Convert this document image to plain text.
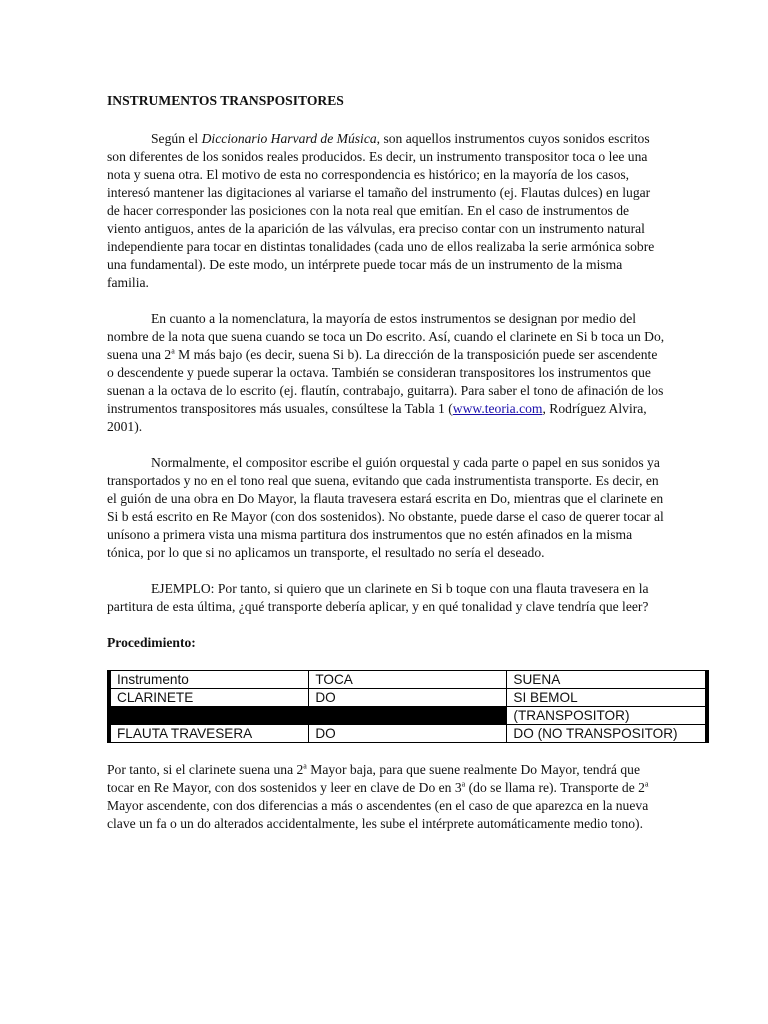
INSTRUMENTOS TRANSPOSITORES

Según el Diccionario Harvard de Música, son aquellos instrumentos cuyos sonidos escritos son diferentes de los sonidos reales producidos. Es decir, un instrumento transpositor toca o lee una nota y suena otra. El motivo de esta no correspondencia es histórico; en la mayoría de los casos, interesó mantener las digitaciones al variarse el tamaño del instrumento (ej. Flautas dulces) en lugar de hacer corresponder las posiciones con la nota real que emitían. En el caso de instrumentos de viento antiguos, antes de la aparición de las válvulas, era preciso contar con un instrumento natural independiente para tocar en distintas tonalidades (cada uno de ellos realizaba la serie armónica sobre una fundamental). De este modo, un intérprete puede tocar más de un instrumento de la misma familia.

En cuanto a la nomenclatura, la mayoría de estos instrumentos se designan por medio del nombre de la nota que suena cuando se toca un Do escrito. Así, cuando el clarinete en Si b toca un Do, suena una 2$^a$ M más bajo (es decir, suena Si b). La dirección de la transposición puede ser ascendente o descendente y puede superar la octava. También se consideran transpositores los instrumentos que suenan a la octava de lo escrito (ej. flautín, contrabajo, guitarra). Para saber el tono de afinación de los instrumentos transpositores más usuales, consúltese la Tabla 1 (www.teoria.com, Rodríguez Alvira, 2001).

Normalmente, el compositor escribe el guión orquestal y cada parte o papel en sus sonidos ya transportados y no en el tono real que suena, evitando que cada instrumentista transporte. Es decir, en el guión de una obra en Do Mayor, la flauta travesera estará escrita en Do, mientras que el clarinete en Si b está escrito en Re Mayor (con dos sostenidos). No obstante, puede darse el caso de querer tocar al unísono a primera vista una misma partitura dos instrumentos que no estén afinados en la misma tónica, por lo que si no aplicamos un transporte, el resultado no sería el deseado.

EJEMPLO: Por tanto, si quiero que un clarinete en Si b toque con una flauta travesera en la partitura de esta última, ¿qué transporte debería aplicar, y en qué tonalidad y clave tendría que leer?

Procedimiento:
Instrumento	TOCA	SUENA
CLARINETE	DO	SI BEMOL
		(TRANSPOSITOR)
FLAUTA TRAVESERA	DO	DO (NO TRANSPOSITOR)

Por tanto, si el clarinete suena una 2$^a$ Mayor baja, para que suene realmente Do Mayor, tendrá que tocar en Re Mayor, con dos sostenidos y leer en clave de Do en 3$^a$ (do se llama re). Transporte de 2$^a$ Mayor ascendente, con dos diferencias a más o ascendentes (en el caso de que aparezca en la nueva clave un fa o un do alterados accidentalmente, les sube el intérprete automáticamente medio tono).
